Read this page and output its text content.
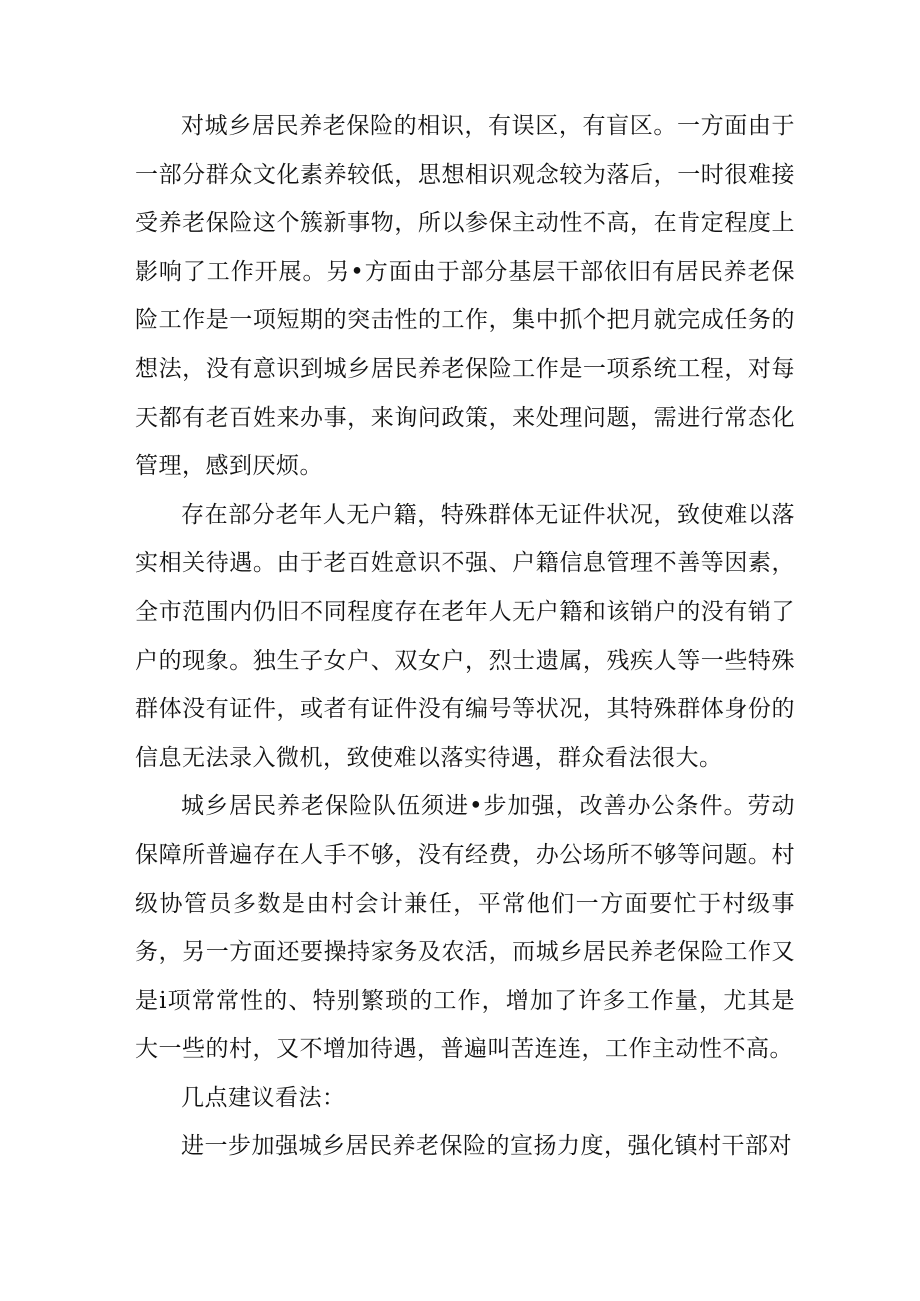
对城乡居民养老保险的相识，有误区，有盲区。一方面由于一部分群众文化素养较低，思想相识观念较为落后，一时很难接受养老保险这个簇新事物，所以参保主动性不高，在肯定程度上影响了工作开展。另•方面由于部分基层干部依旧有居民养老保险工作是一项短期的突击性的工作，集中抓个把月就完成任务的想法，没有意识到城乡居民养老保险工作是一项系统工程，对每天都有老百姓来办事，来询问政策，来处理问题，需进行常态化管理，感到厌烦。

存在部分老年人无户籍，特殊群体无证件状况，致使难以落实相关待遇。由于老百姓意识不强、户籍信息管理不善等因素，全市范围内仍旧不同程度存在老年人无户籍和该销户的没有销了户的现象。独生子女户、双女户，烈士遗属，残疾人等一些特殊群体没有证件，或者有证件没有编号等状况，其特殊群体身份的信息无法录入微机，致使难以落实待遇，群众看法很大。

城乡居民养老保险队伍须进•步加强，改善办公条件。劳动保障所普遍存在人手不够，没有经费，办公场所不够等问题。村级协管员多数是由村会计兼任，平常他们一方面要忙于村级事务，另一方面还要操持家务及农活，而城乡居民养老保险工作又是i项常常性的、特别繁琐的工作，增加了许多工作量，尤其是大一些的村，又不增加待遇，普遍叫苦连连，工作主动性不高。

几点建议看法：

进一步加强城乡居民养老保险的宣扬力度，强化镇村干部对
